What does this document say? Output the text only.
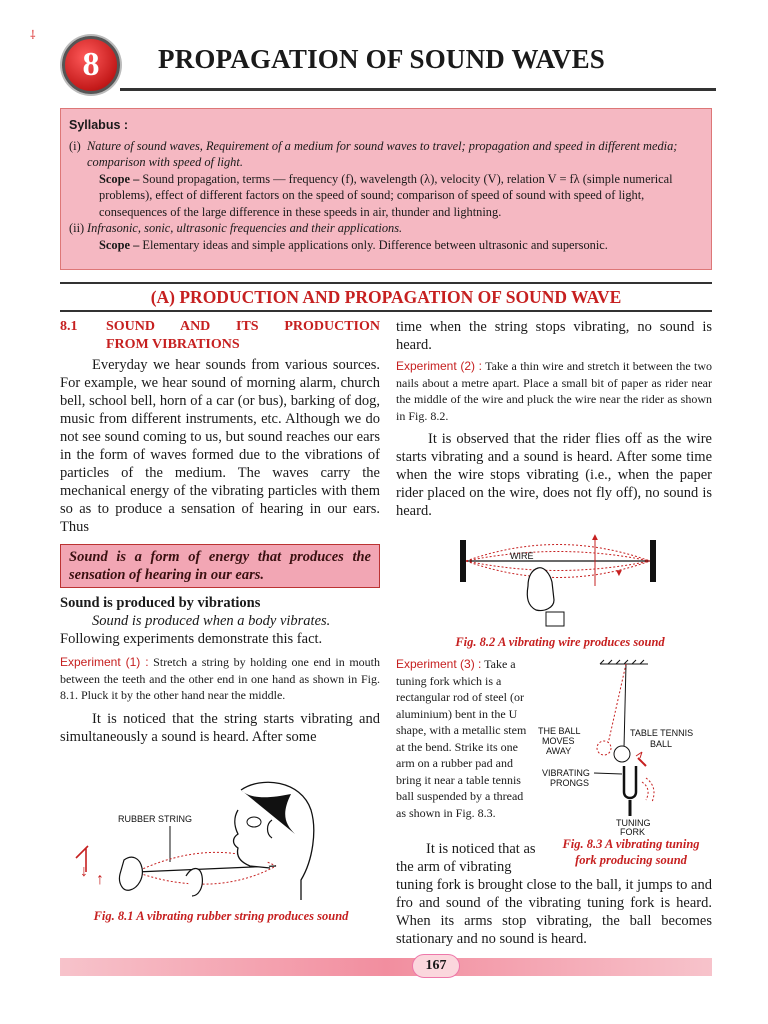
⸸
8 PROPAGATION OF SOUND WAVES
Syllabus :
(i) Nature of sound waves, Requirement of a medium for sound waves to travel; propagation and speed in different media; comparison with speed of light.
Scope – Sound propagation, terms — frequency (f), wavelength (λ), velocity (V), relation V = fλ (simple numerical problems), effect of different factors on the speed of sound; comparison of speed of sound with speed of light, consequences of the large difference in these speeds in air, thunder and lightning.
(ii) Infrasonic, sonic, ultrasonic frequencies and their applications.
Scope – Elementary ideas and simple applications only. Difference between ultrasonic and supersonic.
(A) PRODUCTION AND PROPAGATION OF SOUND WAVE
8.1	SOUND AND ITS PRODUCTION
FROM VIBRATIONS

Everyday we hear sounds from various sources. For example, we hear sound of morning alarm, church bell, school bell, horn of a car (or bus), barking of dog, music from different instruments, etc. Although we do not see sound coming to us, but sound reaches our ears in the form of waves formed due to the vibrations of particles of the medium. The waves carry the mechanical energy of the vibrating particles with them so as to produce a sensation of hearing in our ears. Thus

Sound is a form of energy that produces the sensation of hearing in our ears.
Sound is produced by vibrations

Sound is produced when a body vibrates.

Following experiments demonstrate this fact.

Experiment (1) : Stretch a string by holding one end in mouth between the teeth and the other end in one hand as shown in Fig. 8.1. Pluck it by the other hand near the middle.

It is noticed that the string starts vibrating and simultaneously a sound is heard. After some

RUBBER STRING
↓ ↑
Fig. 8.1 A vibrating rubber string produces sound

time when the string stops vibrating, no sound is heard.

Experiment (2) : Take a thin wire and stretch it between the two nails about a metre apart. Place a small bit of paper as rider near the middle of the wire and pluck the wire near the rider as shown in Fig. 8.2.

It is observed that the rider flies off as the wire starts vibrating and a sound is heard. After some time when the wire stops vibrating (i.e., when the paper rider placed on the wire, does not fly off), no sound is heard.

WIRE
▲
▼
Fig. 8.2 A vibrating wire produces sound

Experiment (3) : Take a tuning fork which is a rectangular rod of steel (or aluminium) bent in the U shape, with a metallic stem at the bend. Strike its one arm on a rubber pad and bring it near a table tennis ball suspended by a thread as shown in Fig. 8.3.

THE BALL
MOVES
AWAY
TABLE TENNIS
BALL
VIBRATING
PRONGS
TUNING
FORK
Fig. 8.3 A vibrating tuning
fork producing sound

It is noticed that as the arm of vibrating

tuning fork is brought close to the ball, it jumps to and fro and sound of the vibrating tuning fork is heard. When its arms stop vibrating, the ball becomes stationary and no sound is heard.

167
